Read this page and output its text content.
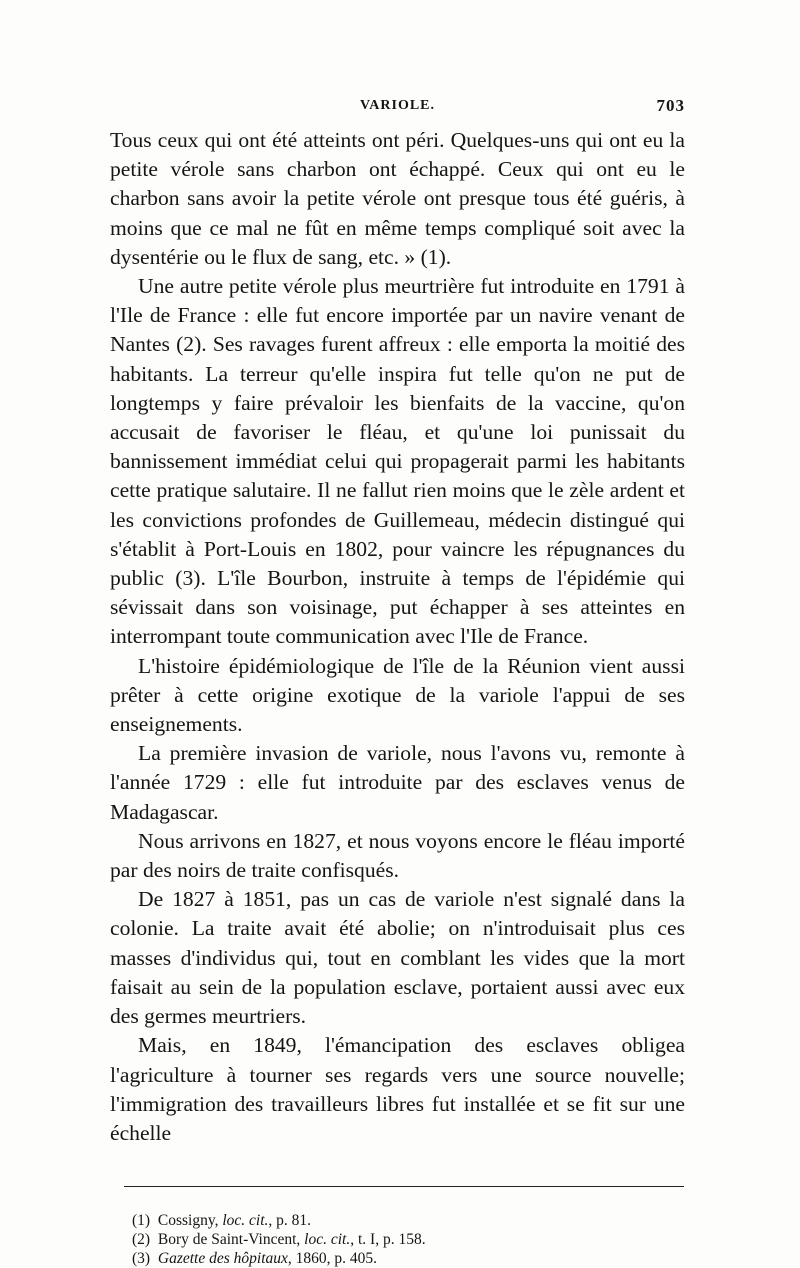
VARIOLE.	703

Tous ceux qui ont été atteints ont péri. Quelques-uns qui ont eu la petite vérole sans charbon ont échappé. Ceux qui ont eu le charbon sans avoir la petite vérole ont presque tous été guéris, à moins que ce mal ne fût en même temps compliqué soit avec la dysentérie ou le flux de sang, etc. » (1).

Une autre petite vérole plus meurtrière fut introduite en 1791 à l'Ile de France : elle fut encore importée par un navire venant de Nantes (2). Ses ravages furent affreux : elle emporta la moitié des habitants. La terreur qu'elle inspira fut telle qu'on ne put de longtemps y faire prévaloir les bienfaits de la vaccine, qu'on accusait de favoriser le fléau, et qu'une loi punissait du bannissement immédiat celui qui propagerait parmi les habitants cette pratique salutaire. Il ne fallut rien moins que le zèle ardent et les convictions profondes de Guillemeau, médecin distingué qui s'établit à Port-Louis en 1802, pour vaincre les répugnances du public (3). L'île Bourbon, instruite à temps de l'épidémie qui sévissait dans son voisinage, put échapper à ses atteintes en interrompant toute communication avec l'Ile de France.

L'histoire épidémiologique de l'île de la Réunion vient aussi prêter à cette origine exotique de la variole l'appui de ses enseignements.

La première invasion de variole, nous l'avons vu, remonte à l'année 1729 : elle fut introduite par des esclaves venus de Madagascar.

Nous arrivons en 1827, et nous voyons encore le fléau importé par des noirs de traite confisqués.

De 1827 à 1851, pas un cas de variole n'est signalé dans la colonie. La traite avait été abolie; on n'introduisait plus ces masses d'individus qui, tout en comblant les vides que la mort faisait au sein de la population esclave, portaient aussi avec eux des germes meurtriers.

Mais, en 1849, l'émancipation des esclaves obligea l'agriculture à tourner ses regards vers une source nouvelle; l'immigration des travailleurs libres fut installée et se fit sur une échelle

(1) Cossigny, loc. cit., p. 81.
(2) Bory de Saint-Vincent, loc. cit., t. I, p. 158.
(3) Gazette des hôpitaux, 1860, p. 405.
